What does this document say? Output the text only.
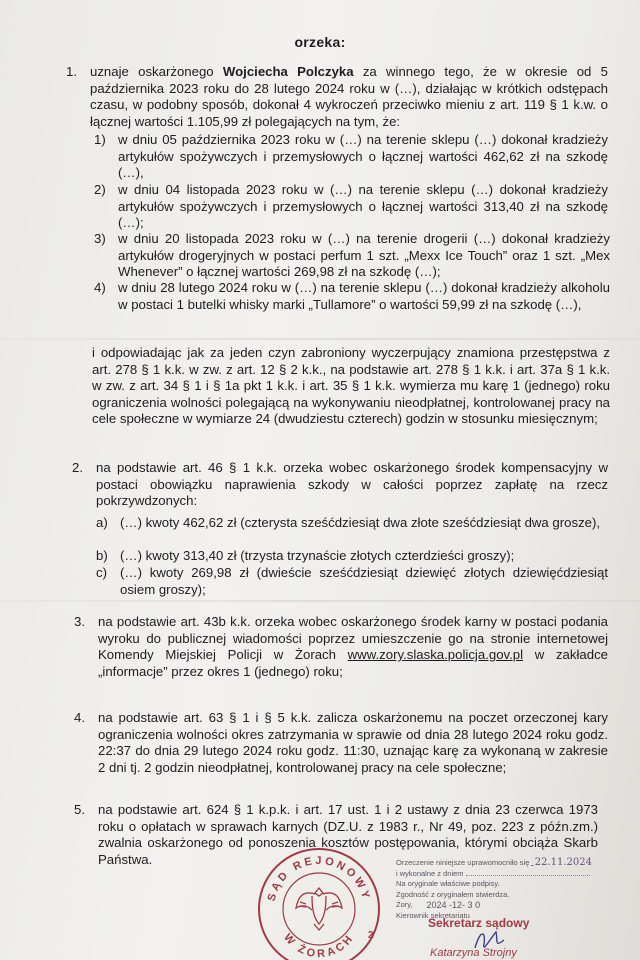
orzeka:
1. uznaje oskarżonego Wojciecha Polczyka za winnego tego, że w okresie od 5 października 2023 roku do 28 lutego 2024 roku w (…), działając w krótkich odstępach czasu, w podobny sposób, dokonał 4 wykroczeń przeciwko mieniu z art. 119 § 1 k.w. o łącznej wartości 1.105,99 zł polegających na tym, że:
1) w dniu 05 października 2023 roku w (…) na terenie sklepu (…) dokonał kradzieży artykułów spożywczych i przemysłowych o łącznej wartości 462,62 zł na szkodę (…),
2) w dniu 04 listopada 2023 roku w (…) na terenie sklepu (…) dokonał kradzieży artykułów spożywczych i przemysłowych o łącznej wartości 313,40 zł na szkodę (…);
3) w dniu 20 listopada 2023 roku w (…) na terenie drogerii (…) dokonał kradzieży artykułów drogeryjnych w postaci perfum 1 szt. „Mexx Ice Touch” oraz 1 szt. „Mex Whenever” o łącznej wartości 269,98 zł na szkodę (…);
4) w dniu 28 lutego 2024 roku w (…) na terenie sklepu (…) dokonał kradzieży alkoholu w postaci 1 butelki whisky marki „Tullamore” o wartości 59,99 zł na szkodę (…),
i odpowiadając jak za jeden czyn zabroniony wyczerpujący znamiona przestępstwa z art. 278 § 1 k.k. w zw. z art. 12 § 2 k.k., na podstawie art. 278 § 1 k.k. i art. 37a § 1 k.k. w zw. z art. 34 § 1 i § 1a pkt 1 k.k. i art. 35 § 1 k.k. wymierza mu karę 1 (jednego) roku ograniczenia wolności polegającą na wykonywaniu nieodpłatnej, kontrolowanej pracy na cele społeczne w wymiarze 24 (dwudziestu czterech) godzin w stosunku miesięcznym;
2. na podstawie art. 46 § 1 k.k. orzeka wobec oskarżonego środek kompensacyjny w postaci obowiązku naprawienia szkody w całości poprzez zapłatę na rzecz pokrzywdzonych:
a) (…) kwoty 462,62 zł (czterysta sześćdziesiąt dwa złote sześćdziesiąt dwa grosze),
b) (…) kwoty 313,40 zł (trzysta trzynaście złotych czterdzieści groszy);
c) (…) kwoty 269,98 zł (dwieście sześćdziesiąt dziewięć złotych dziewięćdziesiąt osiem groszy);
3. na podstawie art. 43b k.k. orzeka wobec oskarżonego środek karny w postaci podania wyroku do publicznej wiadomości poprzez umieszczenie go na stronie internetowej Komendy Miejskiej Policji w Żorach www.zory.slaska.policja.gov.pl w zakładce „informacje” przez okres 1 (jednego) roku;
4. na podstawie art. 63 § 1 i § 5 k.k. zalicza oskarżonemu na poczet orzeczonej kary ograniczenia wolności okres zatrzymania w sprawie od dnia 28 lutego 2024 roku godz. 22:37 do dnia 29 lutego 2024 roku godz. 11:30, uznając karę za wykonaną w zakresie 2 dni tj. 2 godzin nieodpłatnej, kontrolowanej pracy na cele społeczne;
5. na podstawie art. 624 § 1 k.p.k. i art. 17 ust. 1 i 2 ustawy z dnia 23 czerwca 1973 roku o opłatach w sprawach karnych (DZ.U. z 1983 r., Nr 49, poz. 223 z późn.zm.) zwalnia oskarżonego od ponoszenia kosztów postępowania, którymi obciąża Skarb Państwa.
SĄD REJONOWY
W ŻORACH 2
Orzeczenie niniejsze uprawomocniło się 22.11.2024
i wykonalne z dniem
Na oryginale właściwe podpisy.
Zgodność z oryginałem stwierdza.
Żory, 2024 -12- 3 0
Kierownik sekretariatu
Sekretarz sądowy
Katarzyna Strojny
